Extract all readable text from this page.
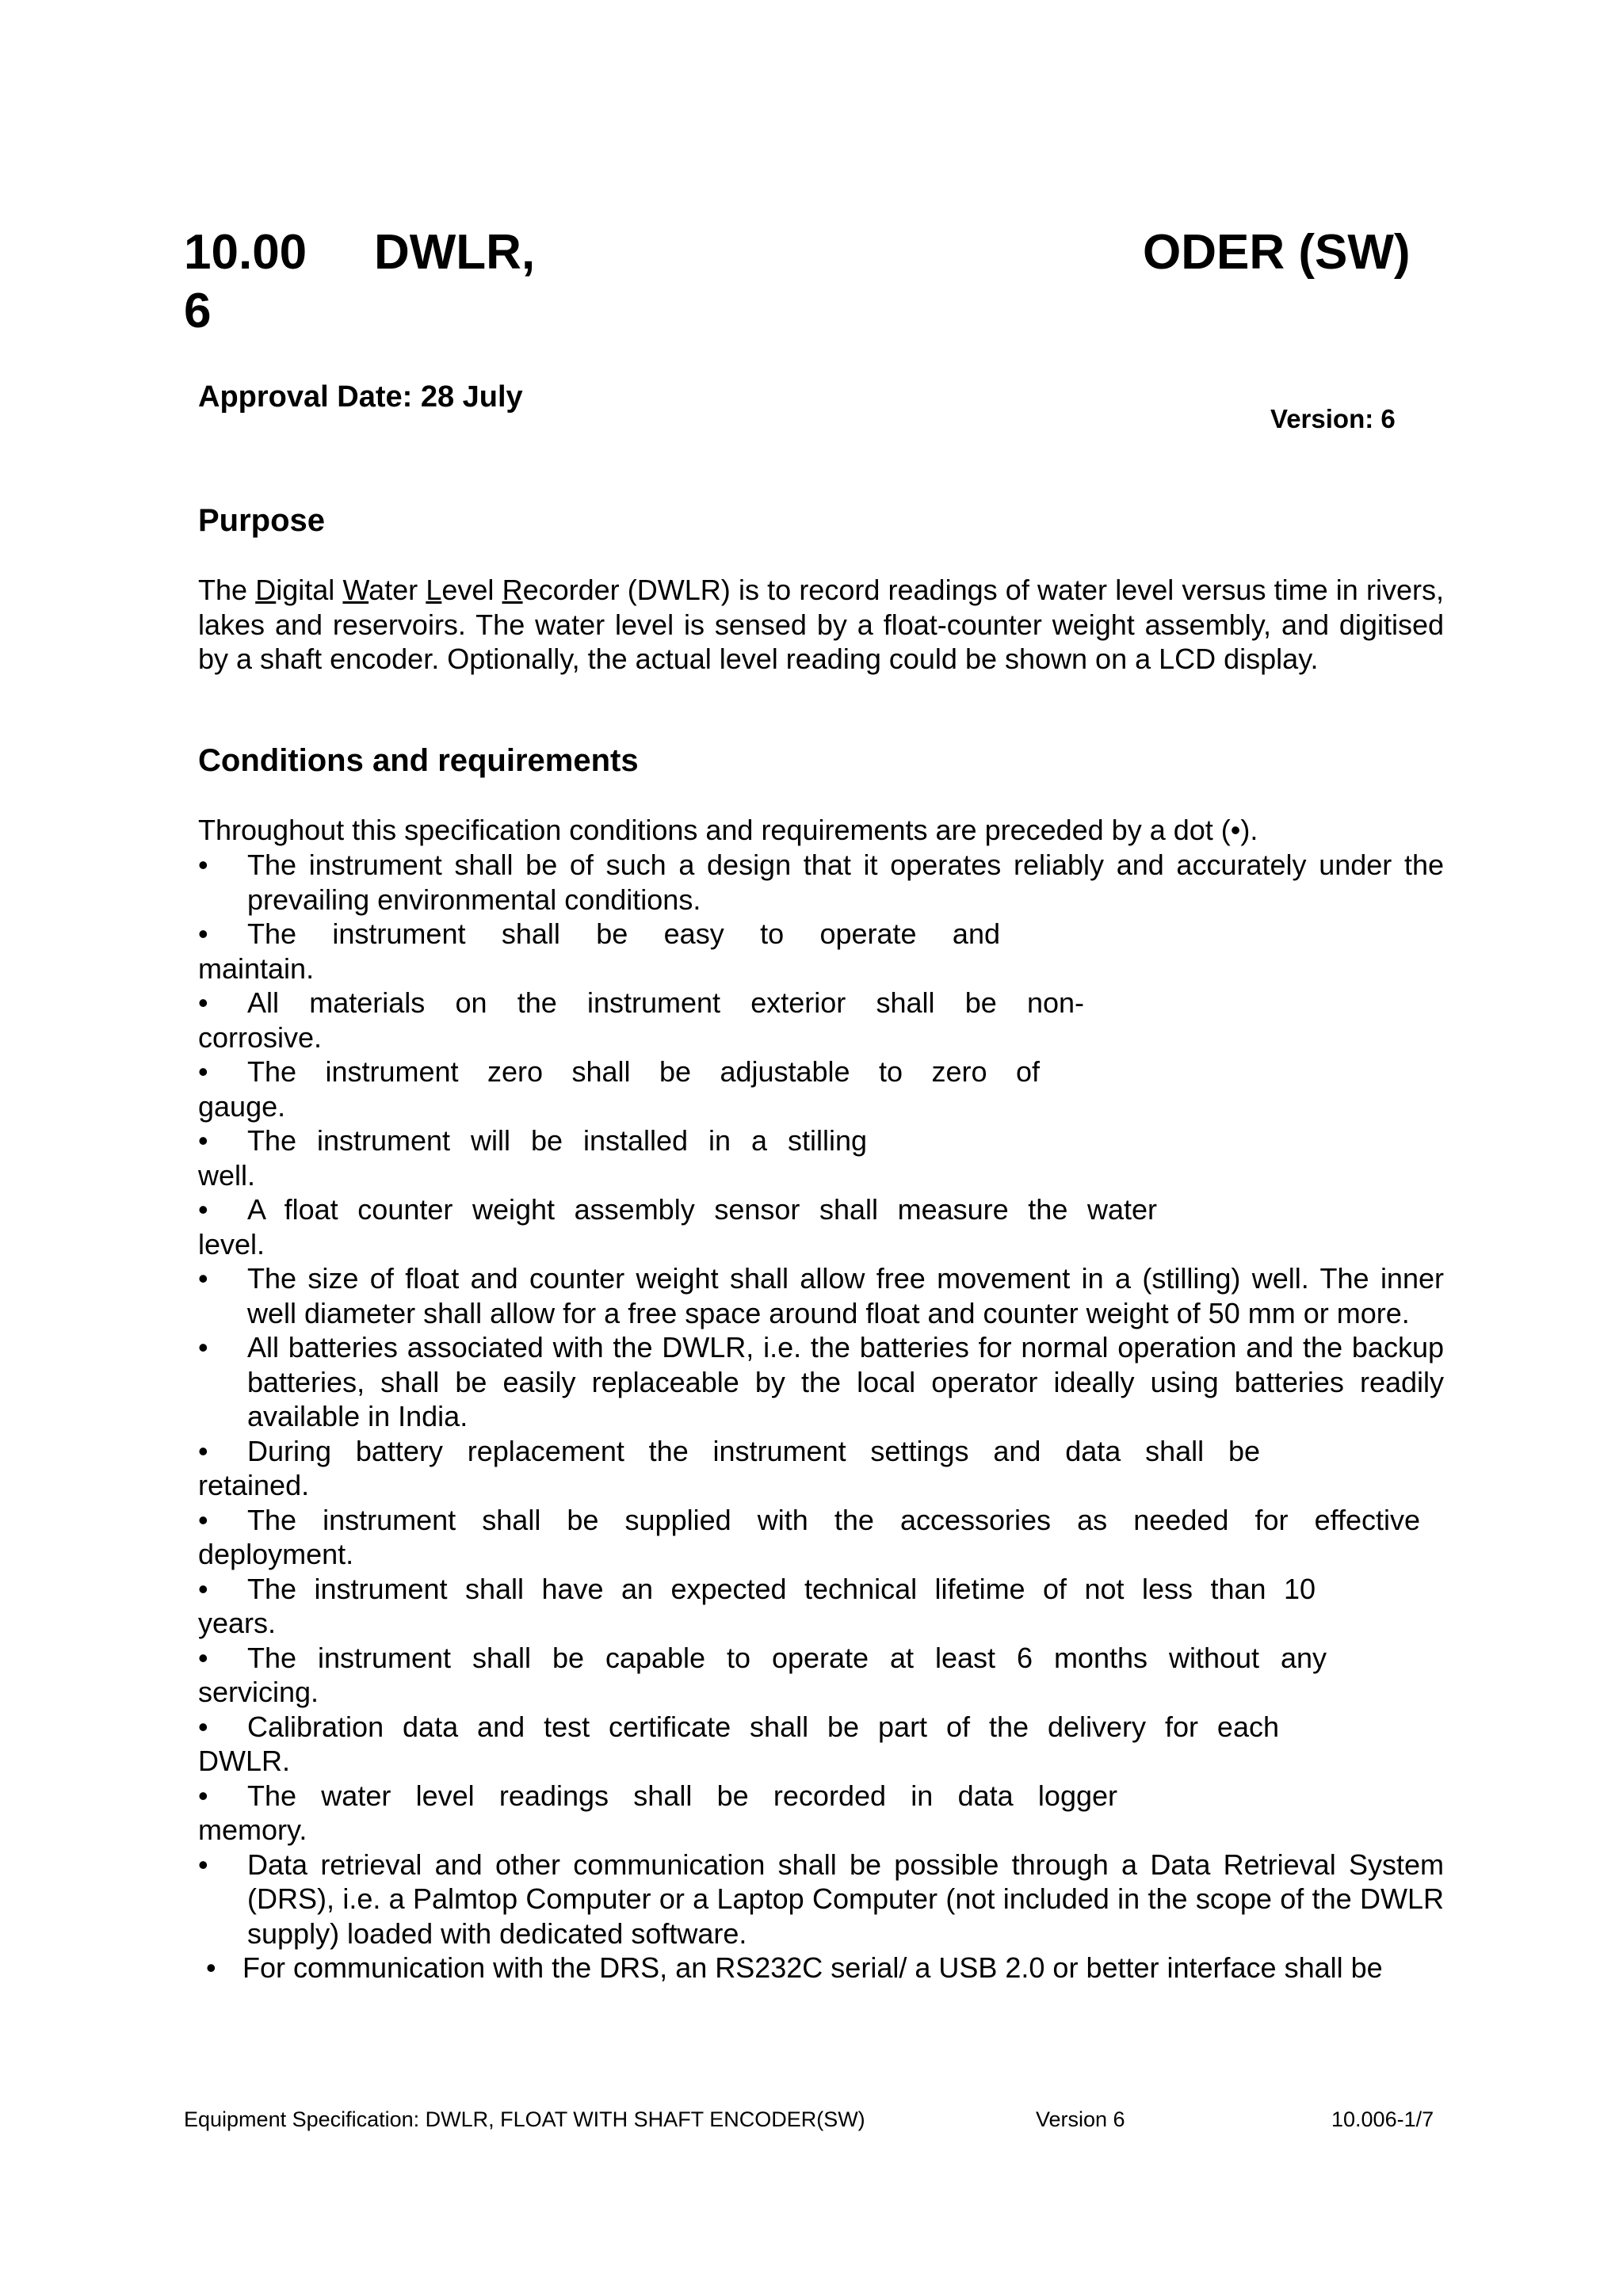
10.00	DWLR,	ODER (SW)
6
Approval Date: 28 July
Version: 6
Purpose
The Digital Water Level Recorder (DWLR) is to record readings of water level versus time in rivers, lakes and reservoirs. The water level is sensed by a float-counter weight assembly, and digitised by a shaft encoder. Optionally, the actual level reading could be shown on a LCD display.
Conditions and requirements
Throughout this specification conditions and requirements are preceded by a dot (•).
•	The instrument shall be of such a design that it operates reliably and accurately under the prevailing environmental conditions.
• The instrument shall be easy to operate and
maintain.
• All materials on the instrument exterior shall be non-
corrosive.
• The instrument zero shall be adjustable to zero of
gauge.
• The instrument will be installed in a stilling
well.
• A float counter weight assembly sensor shall measure the water
level.
•	The size of float and counter weight shall allow free movement in a (stilling) well. The inner well diameter shall allow for a free space around float and counter weight of 50 mm or more.
•	All batteries associated with the DWLR, i.e. the batteries for normal operation and the backup batteries, shall be easily replaceable by the local operator ideally using batteries readily available in India.
• During battery replacement the instrument settings and data shall be
retained.
• The instrument shall be supplied with the accessories as needed for effective
deployment.
• The instrument shall have an expected technical lifetime of not less than 10
years.
• The instrument shall be capable to operate at least 6 months without any
servicing.
• Calibration data and test certificate shall be part of the delivery for each
DWLR.
• The water level readings shall be recorded in data logger
memory.
•	Data retrieval and other communication shall be possible through a Data Retrieval System (DRS), i.e. a Palmtop Computer or a Laptop Computer (not included in the scope of the DWLR supply) loaded with dedicated software.
• For communication with the DRS, an RS232C serial/ a USB 2.0 or better interface shall be
Equipment Specification: DWLR, FLOAT WITH SHAFT ENCODER(SW)	Version 6	10.006-1/7
